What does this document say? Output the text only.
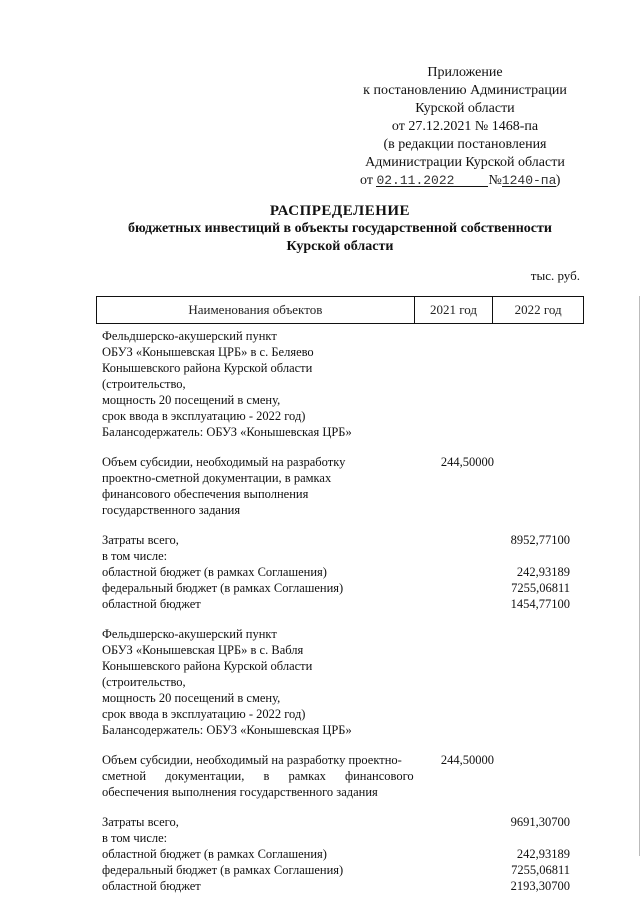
Приложение
к постановлению Администрации
Курской области
от 27.12.2021 № 1468-па
(в редакции постановления
Администрации Курской области
от 02.11.2022 №1240-па)
РАСПРЕДЕЛЕНИЕ
бюджетных инвестиций в объекты государственной собственности
Курской области
тыс. руб.
Наименования объектов	2021 год	2022 год
Фельдшерско-акушерский пункт
ОБУЗ «Конышевская ЦРБ» в с. Беляево
Конышевского района Курской области
(строительство,
мощность 20 посещений в смену,
срок ввода в эксплуатацию - 2022 год)
Балансодержатель: ОБУЗ «Конышевская ЦРБ»
Объем субсидии, необходимый на разработку
проектно-сметной документации, в рамках
финансового обеспечения выполнения
государственного задания
244,50000
Затраты всего,
в том числе:
областной бюджет (в рамках Соглашения)
федеральный бюджет (в рамках Соглашения)
областной бюджет
8952,77100

242,93189
7255,06811
1454,77100
Фельдшерско-акушерский пункт
ОБУЗ «Конышевская ЦРБ» в с. Вабля
Конышевского района Курской области
(строительство,
мощность 20 посещений в смену,
срок ввода в эксплуатацию - 2022 год)
Балансодержатель: ОБУЗ «Конышевская ЦРБ»
Объем субсидии, необходимый на разработку проектно-
сметной документации, в рамках финансового
обеспечения выполнения государственного задания
244,50000
Затраты всего,
в том числе:
областной бюджет (в рамках Соглашения)
федеральный бюджет (в рамках Соглашения)
областной бюджет
9691,30700

242,93189
7255,06811
2193,30700
